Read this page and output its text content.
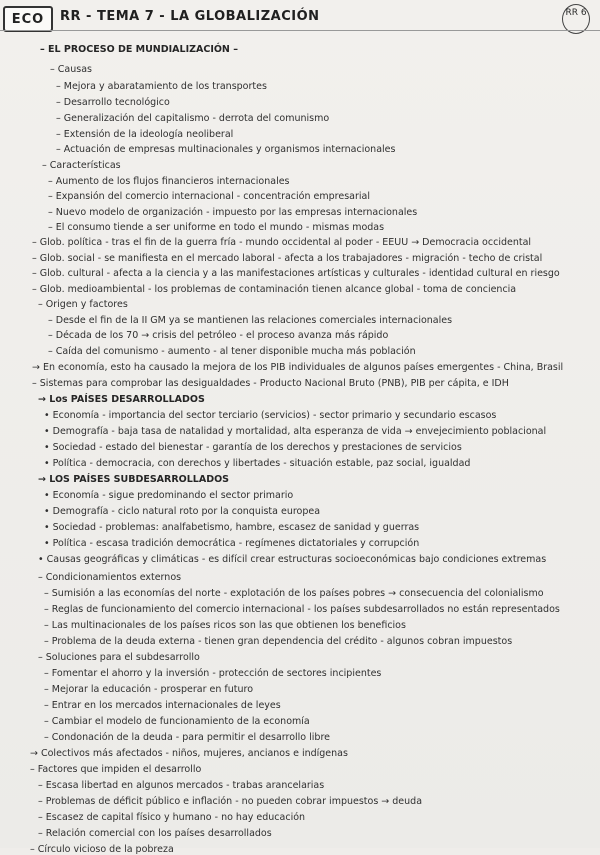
ECO RR - TEMA 7 - LA GLOBALIZACIÓN	RR 6
– EL PROCESO DE MUNDIALIZACIÓN –
– Causas
– Mejora y abaratamiento de los transportes
– Desarrollo tecnológico
– Generalización del capitalismo - derrota del comunismo
– Extensión de la ideología neoliberal
– Actuación de empresas multinacionales y organismos internacionales
– Características
– Aumento de los flujos financieros internacionales
– Expansión del comercio internacional - concentración empresarial
– Nuevo modelo de organización - impuesto por las empresas internacionales
– El consumo tiende a ser uniforme en todo el mundo - mismas modas
– Glob. política - tras el fin de la guerra fría - mundo occidental al poder - EEUU → Democracia occidental
– Glob. social - se manifiesta en el mercado laboral - afecta a los trabajadores - migración - techo de cristal
– Glob. cultural - afecta a la ciencia y a las manifestaciones artísticas y culturales - identidad cultural en riesgo
– Glob. medioambiental - los problemas de contaminación tienen alcance global - toma de conciencia
– Origen y factores
– Desde el fin de la II GM ya se mantienen las relaciones comerciales internacionales
– Década de los 70 → crisis del petróleo - el proceso avanza más rápido
– Caída del comunismo - aumento - al tener disponible mucha más población
→ En economía, esto ha causado la mejora de los PIB individuales de algunos países emergentes - China, Brasil
– Sistemas para comprobar las desigualdades - Producto Nacional Bruto (PNB), PIB per cápita, e IDH
→ Los PAÍSES DESARROLLADOS
• Economía - importancia del sector terciario (servicios) - sector primario y secundario escasos
• Demografía - baja tasa de natalidad y mortalidad, alta esperanza de vida → envejecimiento poblacional
• Sociedad - estado del bienestar - garantía de los derechos y prestaciones de servicios
• Política - democracia, con derechos y libertades - situación estable, paz social, igualdad
→ LOS PAÍSES SUBDESARROLLADOS
• Economía - sigue predominando el sector primario
• Demografía - ciclo natural roto por la conquista europea
• Sociedad - problemas: analfabetismo, hambre, escasez de sanidad y guerras
• Política - escasa tradición democrática - regímenes dictatoriales y corrupción
• Causas geográficas y climáticas - es difícil crear estructuras socioeconómicas bajo condiciones extremas
– Condicionamientos externos
– Sumisión a las economías del norte - explotación de los países pobres → consecuencia del colonialismo
– Reglas de funcionamiento del comercio internacional - los países subdesarrollados no están representados
– Las multinacionales de los países ricos son las que obtienen los beneficios
– Problema de la deuda externa - tienen gran dependencia del crédito - algunos cobran impuestos
– Soluciones para el subdesarrollo
– Fomentar el ahorro y la inversión - protección de sectores incipientes
– Mejorar la educación - prosperar en futuro
– Entrar en los mercados internacionales de leyes
– Cambiar el modelo de funcionamiento de la economía
– Condonación de la deuda - para permitir el desarrollo libre
→ Colectivos más afectados - niños, mujeres, ancianos e indígenas
– Factores que impiden el desarrollo
– Escasa libertad en algunos mercados - trabas arancelarias
– Problemas de déficit público e inflación - no pueden cobrar impuestos → deuda
– Escasez de capital físico y humano - no hay educación
– Relación comercial con los países desarrollados
– Círculo vicioso de la pobreza
